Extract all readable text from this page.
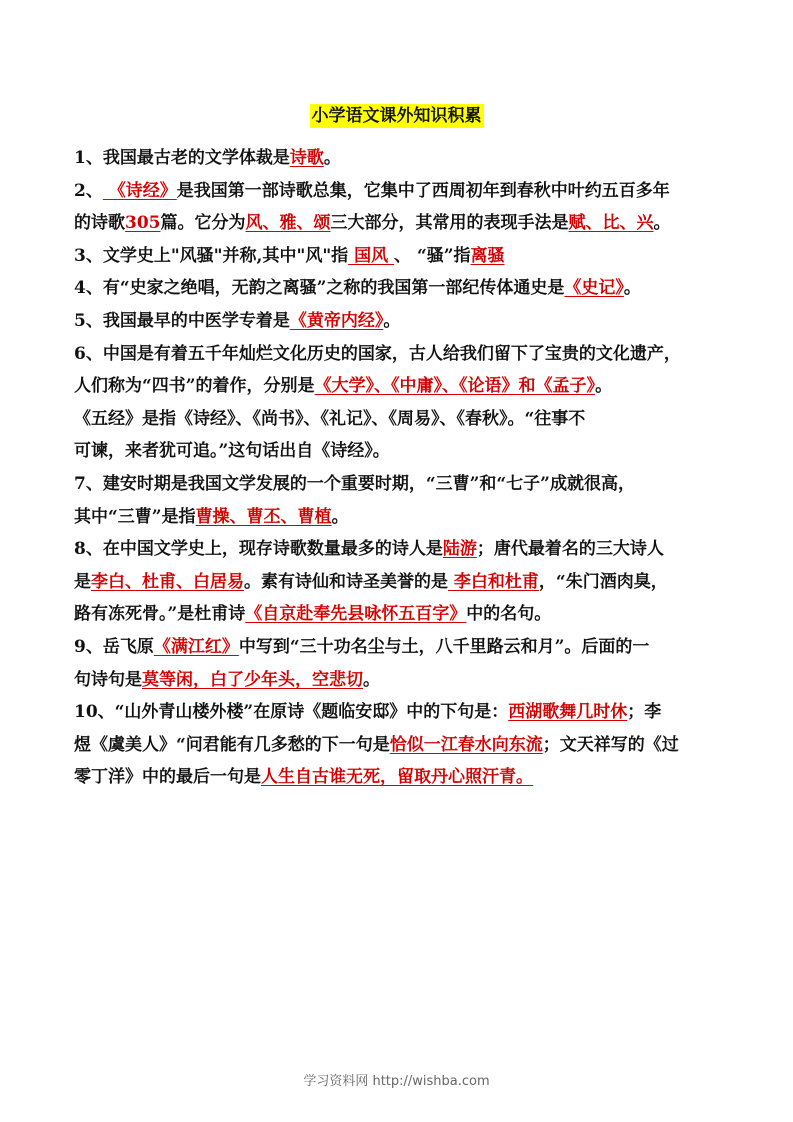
小学语文课外知识积累
1、我国最古老的文学体裁是诗歌。
2、 《诗经》是我国第一部诗歌总集，它集中了西周初年到春秋中叶约五百多年
的诗歌305篇。它分为风、雅、颂三大部分，其常用的表现手法是赋、比、兴。
3、文学史上"风骚"并称,其中"风"指 国风 、 “骚”指离骚
4、有“史家之绝唱，无韵之离骚”之称的我国第一部纪传体通史是《史记》。
5、我国最早的中医学专着是《黄帝内经》。
6、中国是有着五千年灿烂文化历史的国家，古人给我们留下了宝贵的文化遗产，
人们称为“四书”的着作，分别是《大学》、《中庸》、《论语》和《孟子》。
《五经》是指《诗经》、《尚书》、《礼记》、《周易》、《春秋》。“往事不
可谏，来者犹可追。”这句话出自《诗经》。
7、建安时期是我国文学发展的一个重要时期，“三曹”和“七子”成就很高，
其中“三曹”是指曹操、曹丕、曹植。
8、在中国文学史上，现存诗歌数量最多的诗人是陆游；唐代最着名的三大诗人
是李白、杜甫、白居易。素有诗仙和诗圣美誉的是 李白和杜甫，“朱门酒肉臭，
路有冻死骨。”是杜甫诗《自京赴奉先县咏怀五百字》中的名句。
9、岳飞原《满江红》中写到“三十功名尘与土，八千里路云和月”。后面的一
句诗句是莫等闲，白了少年头，空悲切。
10、“山外青山楼外楼”在原诗《题临安邸》中的下句是：西湖歌舞几时休；李
煜《虞美人》“问君能有几多愁的下一句是恰似一江春水向东流；文天祥写的《过
零丁洋》中的最后一句是人生自古谁无死，留取丹心照汗青。
学习资料网 http://wishba.com
